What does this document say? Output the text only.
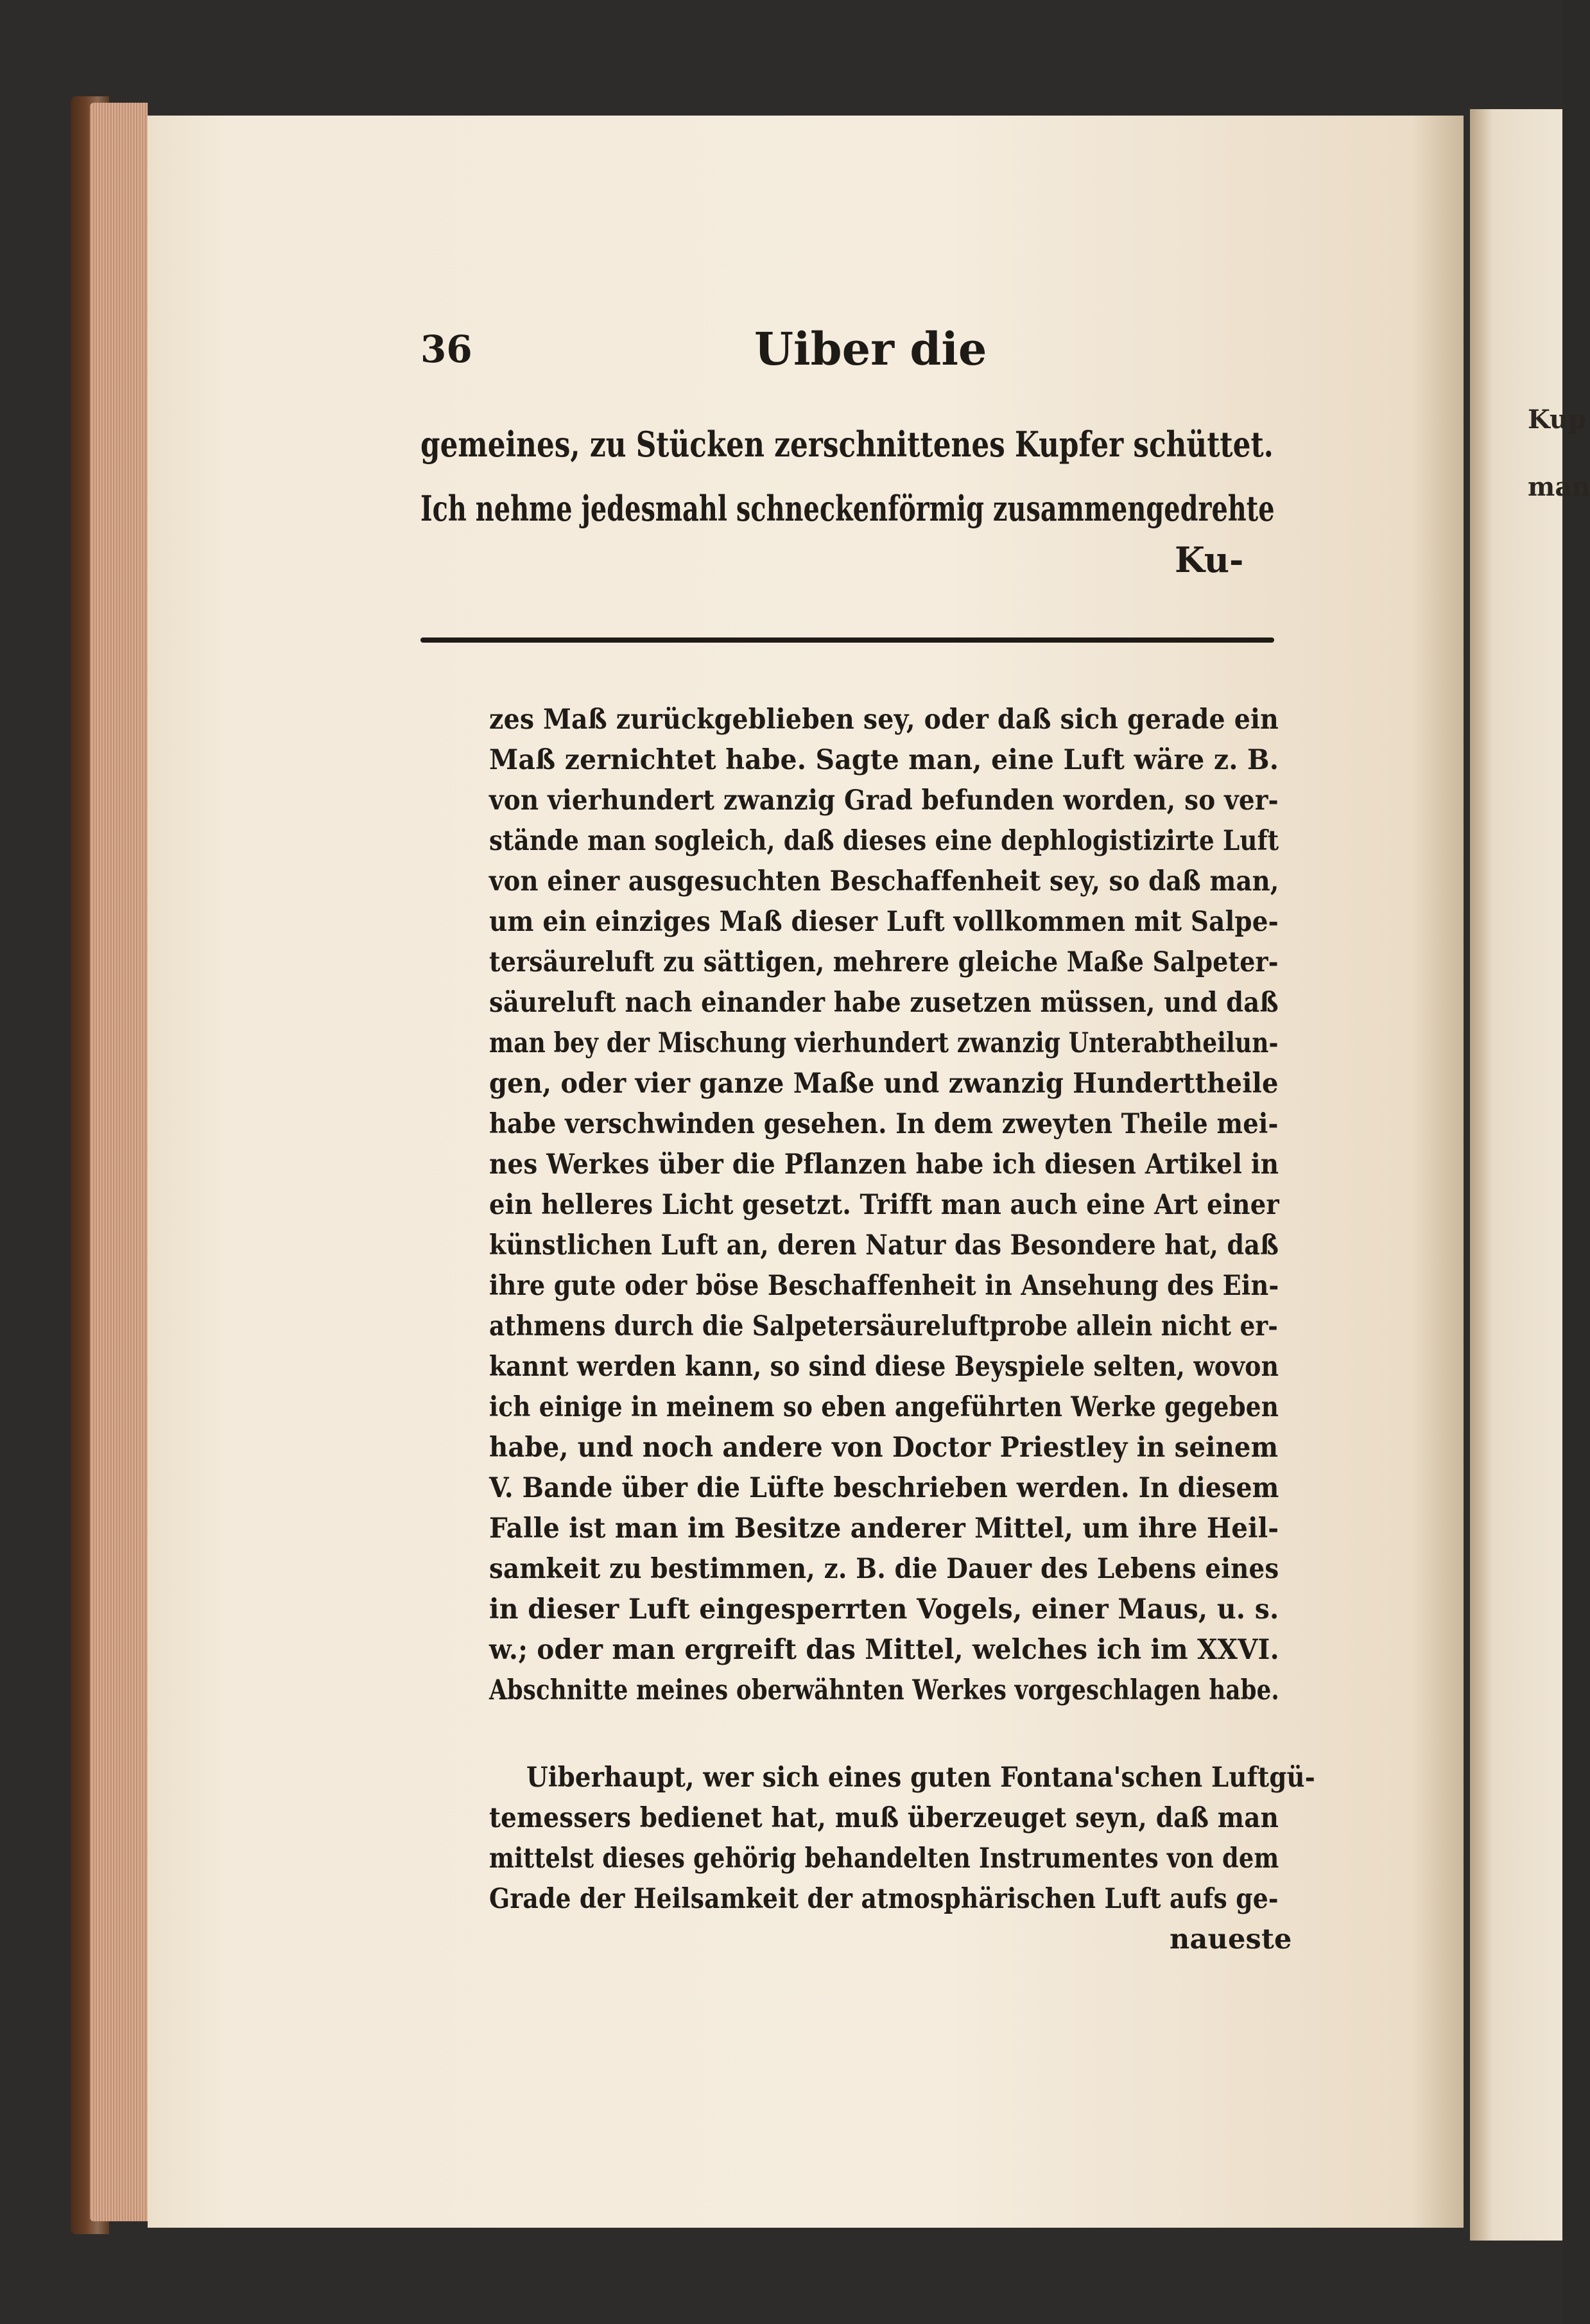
Kup
man
36	Uiber die
gemeines, zu Stücken zerschnittenes Kupfer schüttet.
Ich nehme jedesmahl schneckenförmig zusammengedrehte
Ku-
zes Maß zurückgeblieben sey, oder daß sich gerade ein
Maß zernichtet habe. Sagte man, eine Luft wäre z. B.
von vierhundert zwanzig Grad befunden worden, so ver-
stände man sogleich, daß dieses eine dephlogistizirte Luft
von einer ausgesuchten Beschaffenheit sey, so daß man,
um ein einziges Maß dieser Luft vollkommen mit Salpe-
tersäureluft zu sättigen, mehrere gleiche Maße Salpeter-
säureluft nach einander habe zusetzen müssen, und daß
man bey der Mischung vierhundert zwanzig Unterabtheilun-
gen, oder vier ganze Maße und zwanzig Hunderttheile
habe verschwinden gesehen. In dem zweyten Theile mei-
nes Werkes über die Pflanzen habe ich diesen Artikel in
ein helleres Licht gesetzt. Trifft man auch eine Art einer
künstlichen Luft an, deren Natur das Besondere hat, daß
ihre gute oder böse Beschaffenheit in Ansehung des Ein-
athmens durch die Salpetersäureluftprobe allein nicht er-
kannt werden kann, so sind diese Beyspiele selten, wovon
ich einige in meinem so eben angeführten Werke gegeben
habe, und noch andere von Doctor Priestley in seinem
V. Bande über die Lüfte beschrieben werden. In diesem
Falle ist man im Besitze anderer Mittel, um ihre Heil-
samkeit zu bestimmen, z. B. die Dauer des Lebens eines
in dieser Luft eingesperrten Vogels, einer Maus, u. s.
w.; oder man ergreift das Mittel, welches ich im XXVI.
Abschnitte meines oberwähnten Werkes vorgeschlagen habe.
Uiberhaupt, wer sich eines guten Fontana'schen Luftgü-
temessers bedienet hat, muß überzeuget seyn, daß man
mittelst dieses gehörig behandelten Instrumentes von dem
Grade der Heilsamkeit der atmosphärischen Luft aufs ge-
naueste
